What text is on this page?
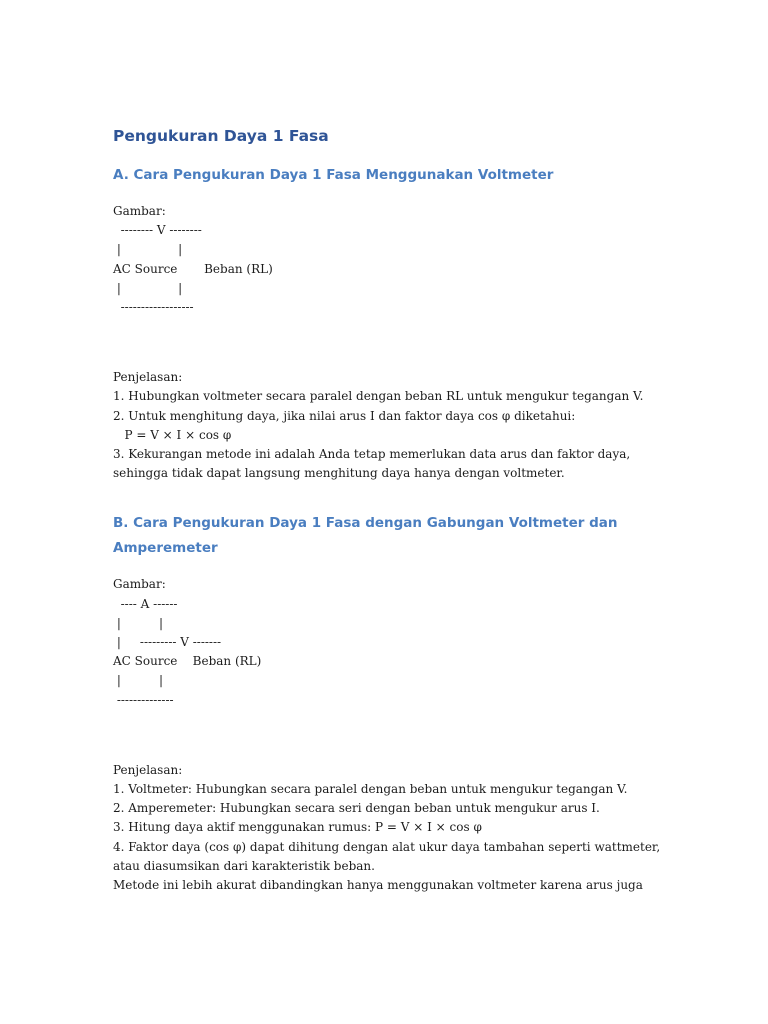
Pengukuran Daya 1 Fasa
A. Cara Pengukuran Daya 1 Fasa Menggunakan Voltmeter

Gambar:

-------- V --------

|               |

AC Source       Beban (RL)

|               |

------------------

Penjelasan:

1. Hubungkan voltmeter secara paralel dengan beban RL untuk mengukur tegangan V.

2. Untuk menghitung daya, jika nilai arus I dan faktor daya cos φ diketahui:

P = V × I × cos φ

3. Kekurangan metode ini adalah Anda tetap memerlukan data arus dan faktor daya,

sehingga tidak dapat langsung menghitung daya hanya dengan voltmeter.

B. Cara Pengukuran Daya 1 Fasa dengan Gabungan Voltmeter dan
Amperemeter

Gambar:

---- A ------

|          |

|     --------- V -------

AC Source    Beban (RL)

|          |

--------------

Penjelasan:

1. Voltmeter: Hubungkan secara paralel dengan beban untuk mengukur tegangan V.

2. Amperemeter: Hubungkan secara seri dengan beban untuk mengukur arus I.

3. Hitung daya aktif menggunakan rumus: P = V × I × cos φ

4. Faktor daya (cos φ) dapat dihitung dengan alat ukur daya tambahan seperti wattmeter,

atau diasumsikan dari karakteristik beban.

Metode ini lebih akurat dibandingkan hanya menggunakan voltmeter karena arus juga
